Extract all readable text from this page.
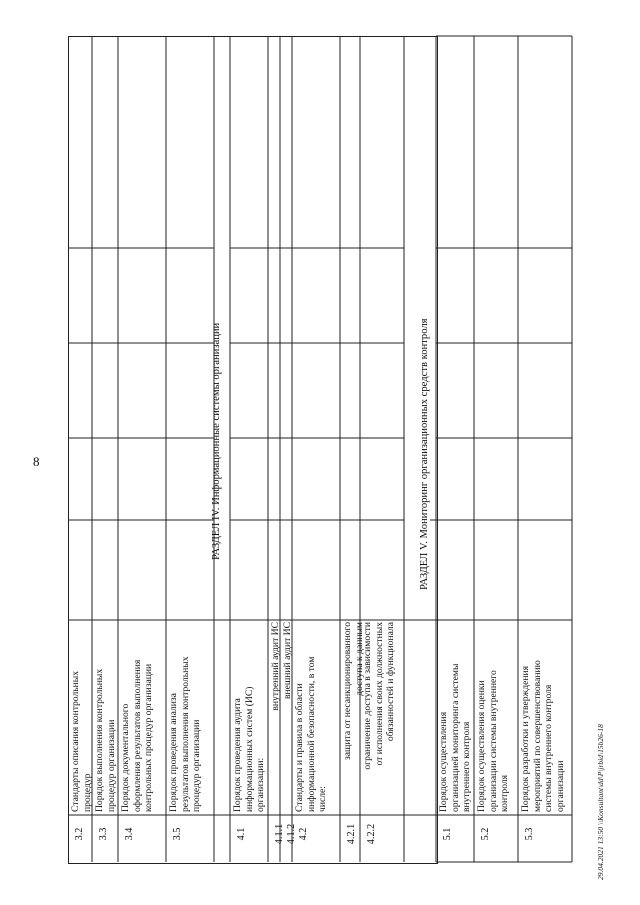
8
3.2
Стандарты описания контрольных процедур
3.3
Порядок выполнения контрольных процедур организации
3.4
Порядок документального оформления результатов выполнения контрольных процедур организации
3.5
Порядок проведения анализа результатов выполнения контрольных процедур организации
4.1
Порядок проведения аудита информационных систем (ИС) организации:
4.1.1
внутренний аудит ИС
4.1.2
внешний аудит ИС
4.2
Стандарты и правила в области информационной безопасности, в том числе:
4.2.1
защита от несанкционированного доступа к данным
4.2.2
ограничение доступа в зависимости от исполнения своих должностных обязанностей и функционала
5.1
Порядок осуществления организацией мониторинга системы внутреннего контроля
5.2
Порядок осуществления оценки организации системы внутреннего контроля
5.3
Порядок разработки и утверждения мероприятий по совершенствованию системы внутреннего контроля организации
РАЗДЕЛ IV. Информационные системы организации	РАЗДЕЛ V. Мониторинг организационных средств контроля
29.04.2021 13:50 \\Konsultant\dd\P\jrbid\15b26-18
